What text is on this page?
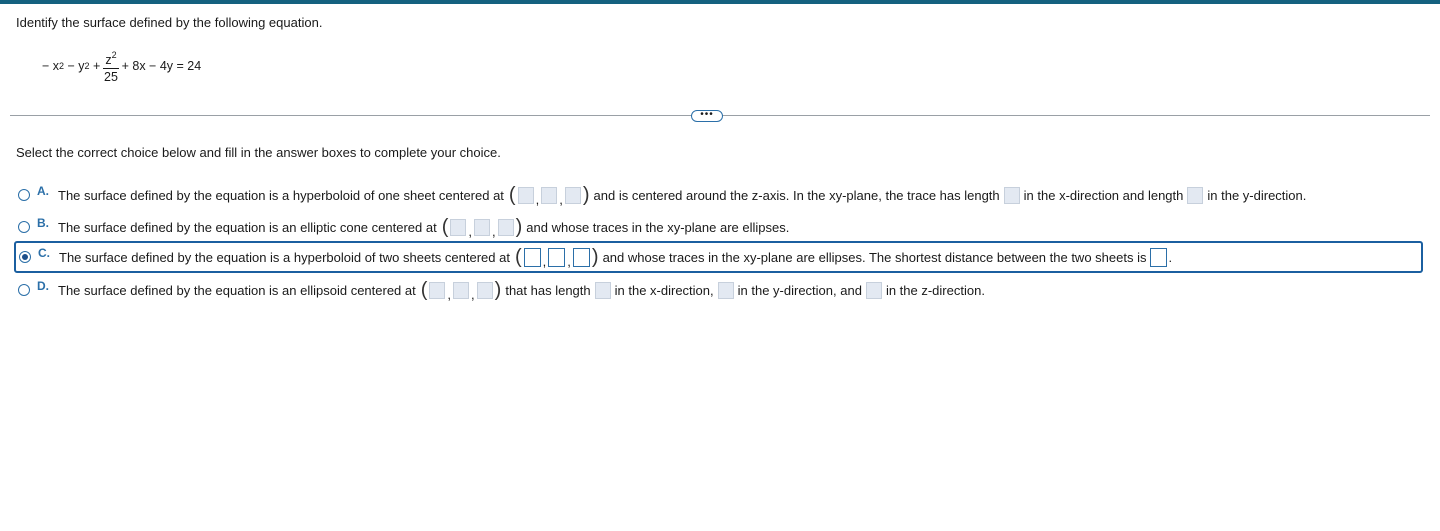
Identify the surface defined by the following equation.
− x 2 − y $2 + \frac{z^2}{25} + 8x - 4y = 24$
•••
Select the correct choice below and fill in the answer boxes to complete your choice.
A. The surface defined by the equation is a hyperboloid of one sheet centered at ( , , ) and is centered around the z-axis. In the xy-plane, the trace has length in the x-direction and length in the y-direction.
B. The surface defined by the equation is an elliptic cone centered at ( , , ) and whose traces in the xy-plane are ellipses.
C. The surface defined by the equation is a hyperboloid of two sheets centered at ( , , ) and whose traces in the xy-plane are ellipses. The shortest distance between the two sheets is .
D. The surface defined by the equation is an ellipsoid centered at ( , , ) that has length in the x-direction, in the y-direction, and in the z-direction.
